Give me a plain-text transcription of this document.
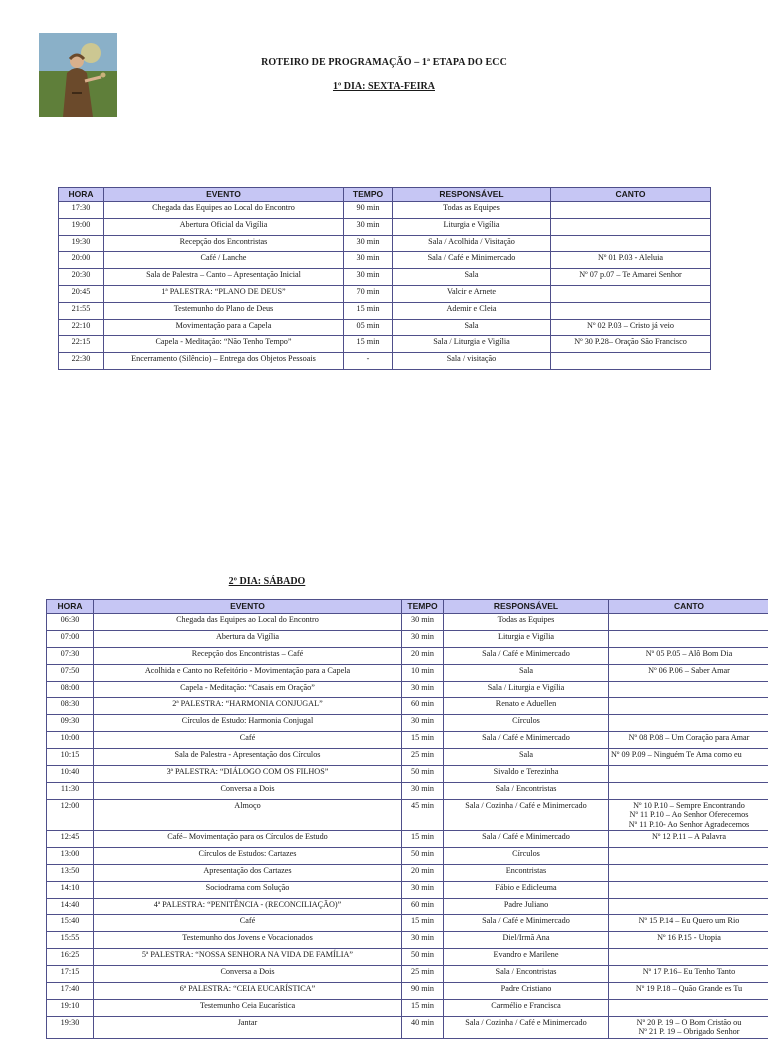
ROTEIRO DE PROGRAMAÇÃO – 1ª ETAPA DO ECC
1º DIA: SEXTA-FEIRA
HORA	EVENTO	TEMPO	RESPONSÁVEL	CANTO
17:30	Chegada das Equipes ao Local do Encontro	90 min	Todas as Equipes	
19:00	Abertura Oficial da Vigília	30 min	Liturgia e Vigília	
19:30	Recepção dos Encontristas	30 min	Sala / Acolhida / Visitação	
20:00	Café / Lanche	30 min	Sala / Café e Minimercado	Nº 01 P.03 - Aleluia
20:30	Sala de Palestra – Canto – Apresentação Inicial	30 min	Sala	Nº 07 p.07 – Te Amarei Senhor
20:45	1ª PALESTRA: “PLANO DE DEUS”	70 min	Valcir e Arnete	
21:55	Testemunho do Plano de Deus	15 min	Ademir e Cleia	
22:10	Movimentação para a Capela	05 min	Sala	Nº 02 P.03 – Cristo já veio
22:15	Capela - Meditação: “Não Tenho Tempo”	15 min	Sala / Liturgia e Vigília	Nº 30 P.28– Oração São Francisco
22:30	Encerramento (Silêncio) – Entrega dos Objetos Pessoais	-	Sala / visitação	
2º DIA: SÁBADO
HORA	EVENTO	TEMPO	RESPONSÁVEL	CANTO
06:30	Chegada das Equipes ao Local do Encontro	30 min	Todas as Equipes	
07:00	Abertura da Vigília	30 min	Liturgia e Vigília	
07:30	Recepção dos Encontristas – Café	20 min	Sala / Café e Minimercado	Nº 05 P.05 – Alô Bom Dia
07:50	Acolhida e Canto no Refeitório - Movimentação para a Capela	10 min	Sala	Nº 06 P.06 – Saber Amar
08:00	Capela - Meditação: “Casais em Oração”	30 min	Sala / Liturgia e Vigília	
08:30	2ª PALESTRA: “HARMONIA CONJUGAL”	60 min	Renato e Aduellen	
09:30	Círculos de Estudo: Harmonia Conjugal	30 min	Círculos	
10:00	Café	15 min	Sala / Café e Minimercado	Nº 08 P.08 – Um Coração para Amar
10:15	Sala de Palestra - Apresentação dos Círculos	25 min	Sala	Nº 09 P.09 – Ninguém Te Ama como eu
10:40	3ª PALESTRA: “DIÁLOGO COM OS FILHOS”	50 min	Sivaldo e Terezinha	
11:30	Conversa a Dois	30 min	Sala / Encontristas	
12:00	Almoço	45 min	Sala / Cozinha / Café e Minimercado	Nº 10 P.10 – Sempre Encontrando
Nº 11 P.10 – Ao Senhor Oferecemos
Nº 11 P.10- Ao Senhor Agradecemos

12:45	Café– Movimentação para os Círculos de Estudo	15 min	Sala / Café e Minimercado	Nº 12 P.11 – A Palavra
13:00	Círculos de Estudos: Cartazes	50 min	Círculos	
13:50	Apresentação dos Cartazes	20 min	Encontristas	
14:10	Sociodrama com Solução	30 min	Fábio e Edicleuma	
14:40	4ª PALESTRA: “PENITÊNCIA - (RECONCILIAÇÃO)”	60 min	Padre Juliano	
15:40	Café	15 min	Sala / Café e Minimercado	Nº 15 P.14 – Eu Quero um Rio
15:55	Testemunho dos Jovens e Vocacionados	30 min	Diel/Irmã Ana	Nº 16 P.15 - Utopia
16:25	5ª PALESTRA: “NOSSA SENHORA NA VIDA DE FAMÍLIA”	50 min	Evandro e Marilene	
17:15	Conversa a Dois	25 min	Sala / Encontristas	Nº 17 P.16– Eu Tenho Tanto
17:40	6ª PALESTRA: “CEIA EUCARÍSTICA”	90 min	Padre Cristiano	Nº 19 P.18 – Quão Grande es Tu
19:10	Testemunho Ceia Eucarística	15 min	Carmélio e Francisca	
19:30	Jantar	40 min	Sala / Cozinha / Café e Minimercado	Nº 20 P. 19 – O Bom Cristão ou
Nº 21 P. 19 – Obrigado Senhor
